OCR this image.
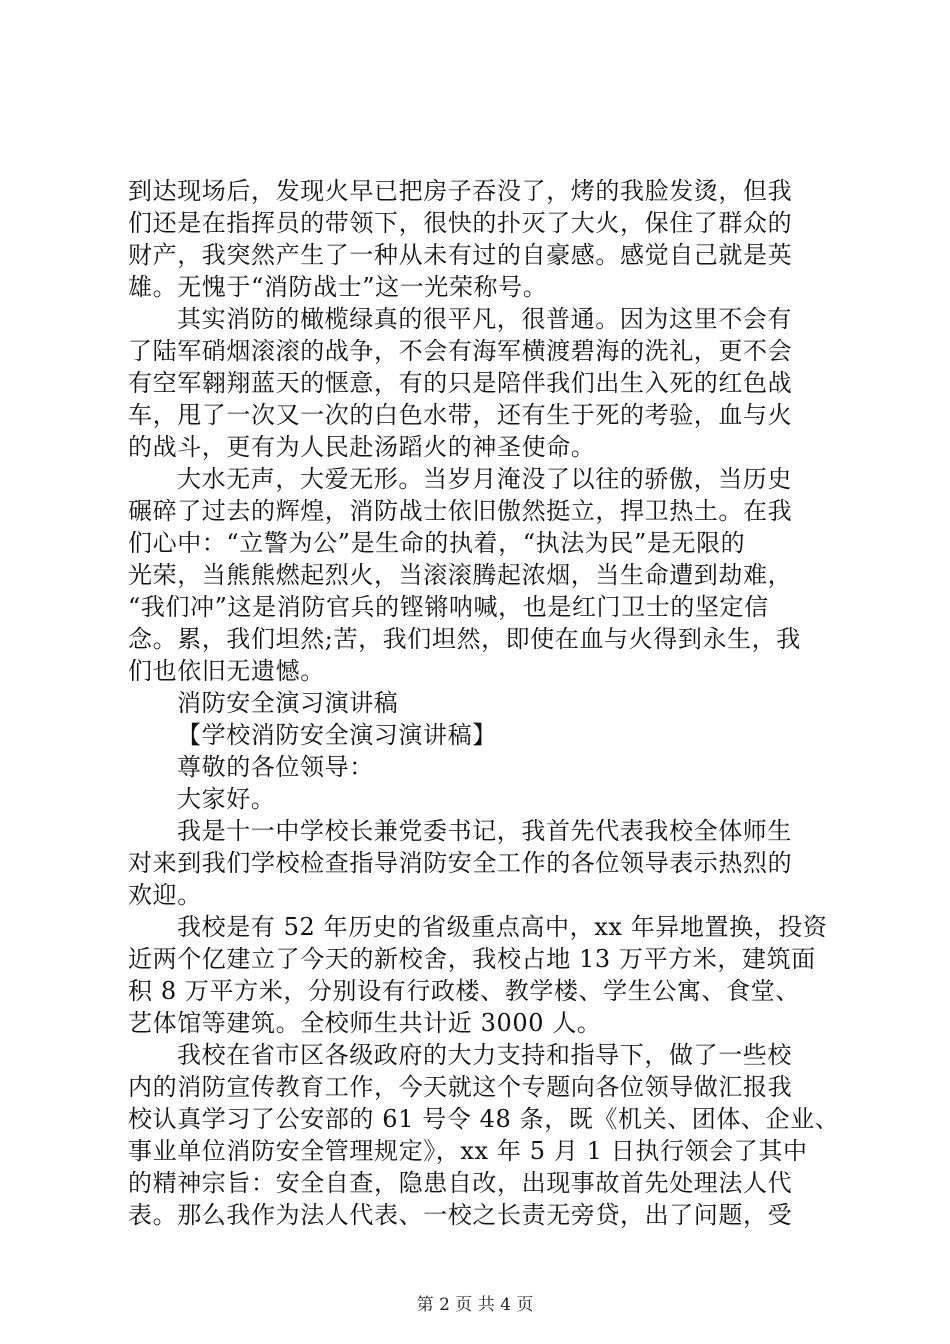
到达现场后，发现火早已把房子吞没了，烤的我脸发烫，但我
们还是在指挥员的带领下，很快的扑灭了大火，保住了群众的
财产，我突然产生了一种从未有过的自豪感。感觉自己就是英
雄。无愧于“消防战士”这一光荣称号。
其实消防的橄榄绿真的很平凡，很普通。因为这里不会有
了陆军硝烟滚滚的战争，不会有海军横渡碧海的洗礼，更不会
有空军翱翔蓝天的惬意，有的只是陪伴我们出生入死的红色战
车，甩了一次又一次的白色水带，还有生于死的考验，血与火
的战斗，更有为人民赴汤蹈火的神圣使命。
大水无声，大爱无形。当岁月淹没了以往的骄傲，当历史
碾碎了过去的辉煌，消防战士依旧傲然挺立，捍卫热土。在我
们心中：“立警为公”是生命的执着，“执法为民”是无限的
光荣，当熊熊燃起烈火，当滚滚腾起浓烟，当生命遭到劫难，
“我们冲”这是消防官兵的铿锵呐喊，也是红门卫士的坚定信
念。累，我们坦然;苦，我们坦然，即使在血与火得到永生，我
们也依旧无遗憾。
消防安全演习演讲稿
【学校消防安全演习演讲稿】
尊敬的各位领导：
大家好。
我是十一中学校长兼党委书记，我首先代表我校全体师生
对来到我们学校检查指导消防安全工作的各位领导表示热烈的
欢迎。
我校是有 52 年历史的省级重点高中，xx 年异地置换，投资
近两个亿建立了今天的新校舍，我校占地 13 万平方米，建筑面
积 8 万平方米，分别设有行政楼、教学楼、学生公寓、食堂、
艺体馆等建筑。全校师生共计近 3000 人。
我校在省市区各级政府的大力支持和指导下，做了一些校
内的消防宣传教育工作，今天就这个专题向各位领导做汇报我
校认真学习了公安部的 61 号令 48 条，既《机关、团体、企业、
事业单位消防安全管理规定》，xx 年 5 月 1 日执行领会了其中
的精神宗旨：安全自查，隐患自改，出现事故首先处理法人代
表。那么我作为法人代表、一校之长责无旁贷，出了问题，受
第 2 页 共 4 页
